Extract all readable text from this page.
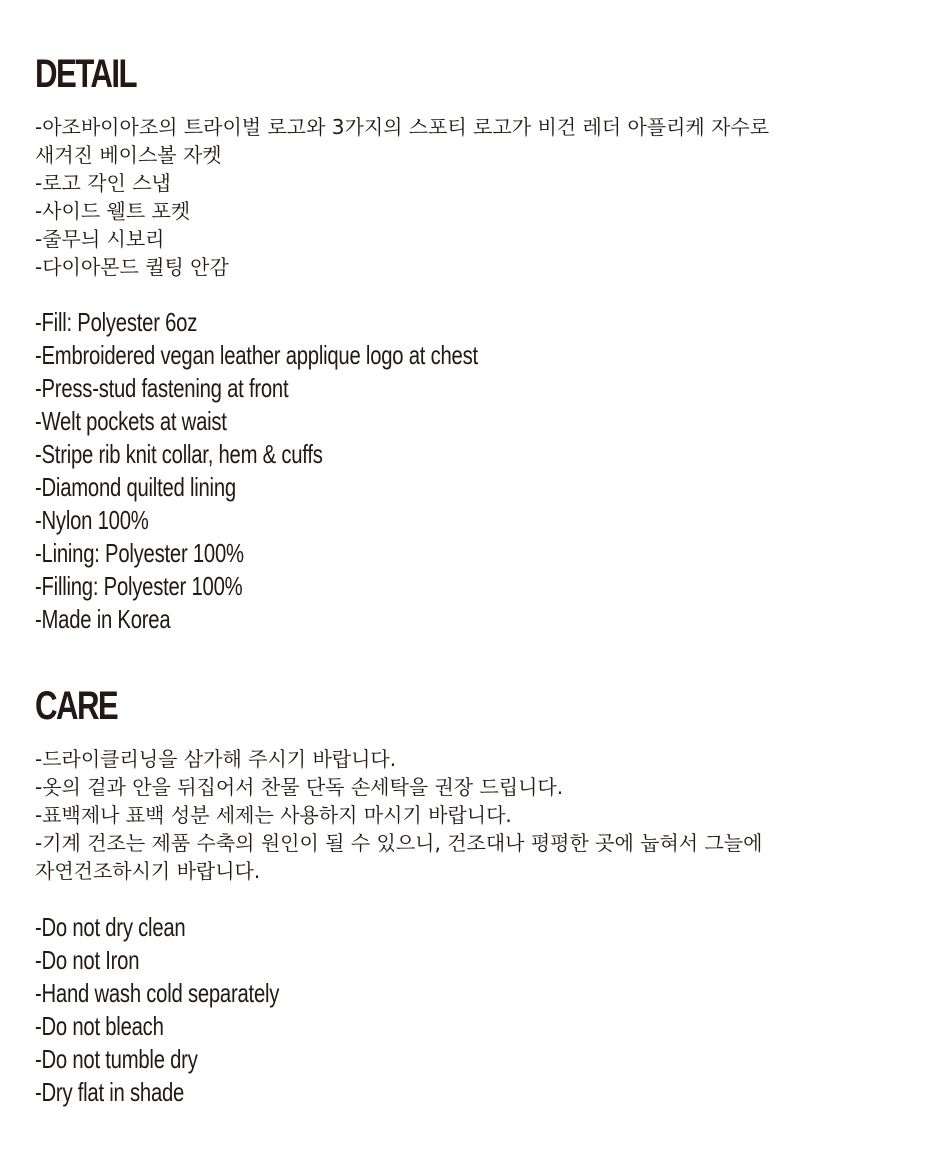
DETAIL
-아조바이아조의 트라이벌 로고와 3가지의 스포티 로고가 비건 레더 아플리케 자수로
새겨진 베이스볼 자켓
-로고 각인 스냅
-사이드 웰트 포켓
-줄무늬 시보리
-다이아몬드 퀼팅 안감
-Fill: Polyester 6oz
-Embroidered vegan leather applique logo at chest
-Press-stud fastening at front
-Welt pockets at waist
-Stripe rib knit collar, hem & cuffs
-Diamond quilted lining
-Nylon 100%
-Lining: Polyester 100%
-Filling: Polyester 100%
-Made in Korea
CARE
-드라이클리닝을 삼가해 주시기 바랍니다.
-옷의 겉과 안을 뒤집어서 찬물 단독 손세탁을 권장 드립니다.
-표백제나 표백 성분 세제는 사용하지 마시기 바랍니다.
-기계 건조는 제품 수축의 원인이 될 수 있으니, 건조대나 평평한 곳에 눕혀서 그늘에
자연건조하시기 바랍니다.
-Do not dry clean
-Do not Iron
-Hand wash cold separately
-Do not bleach
-Do not tumble dry
-Dry flat in shade
